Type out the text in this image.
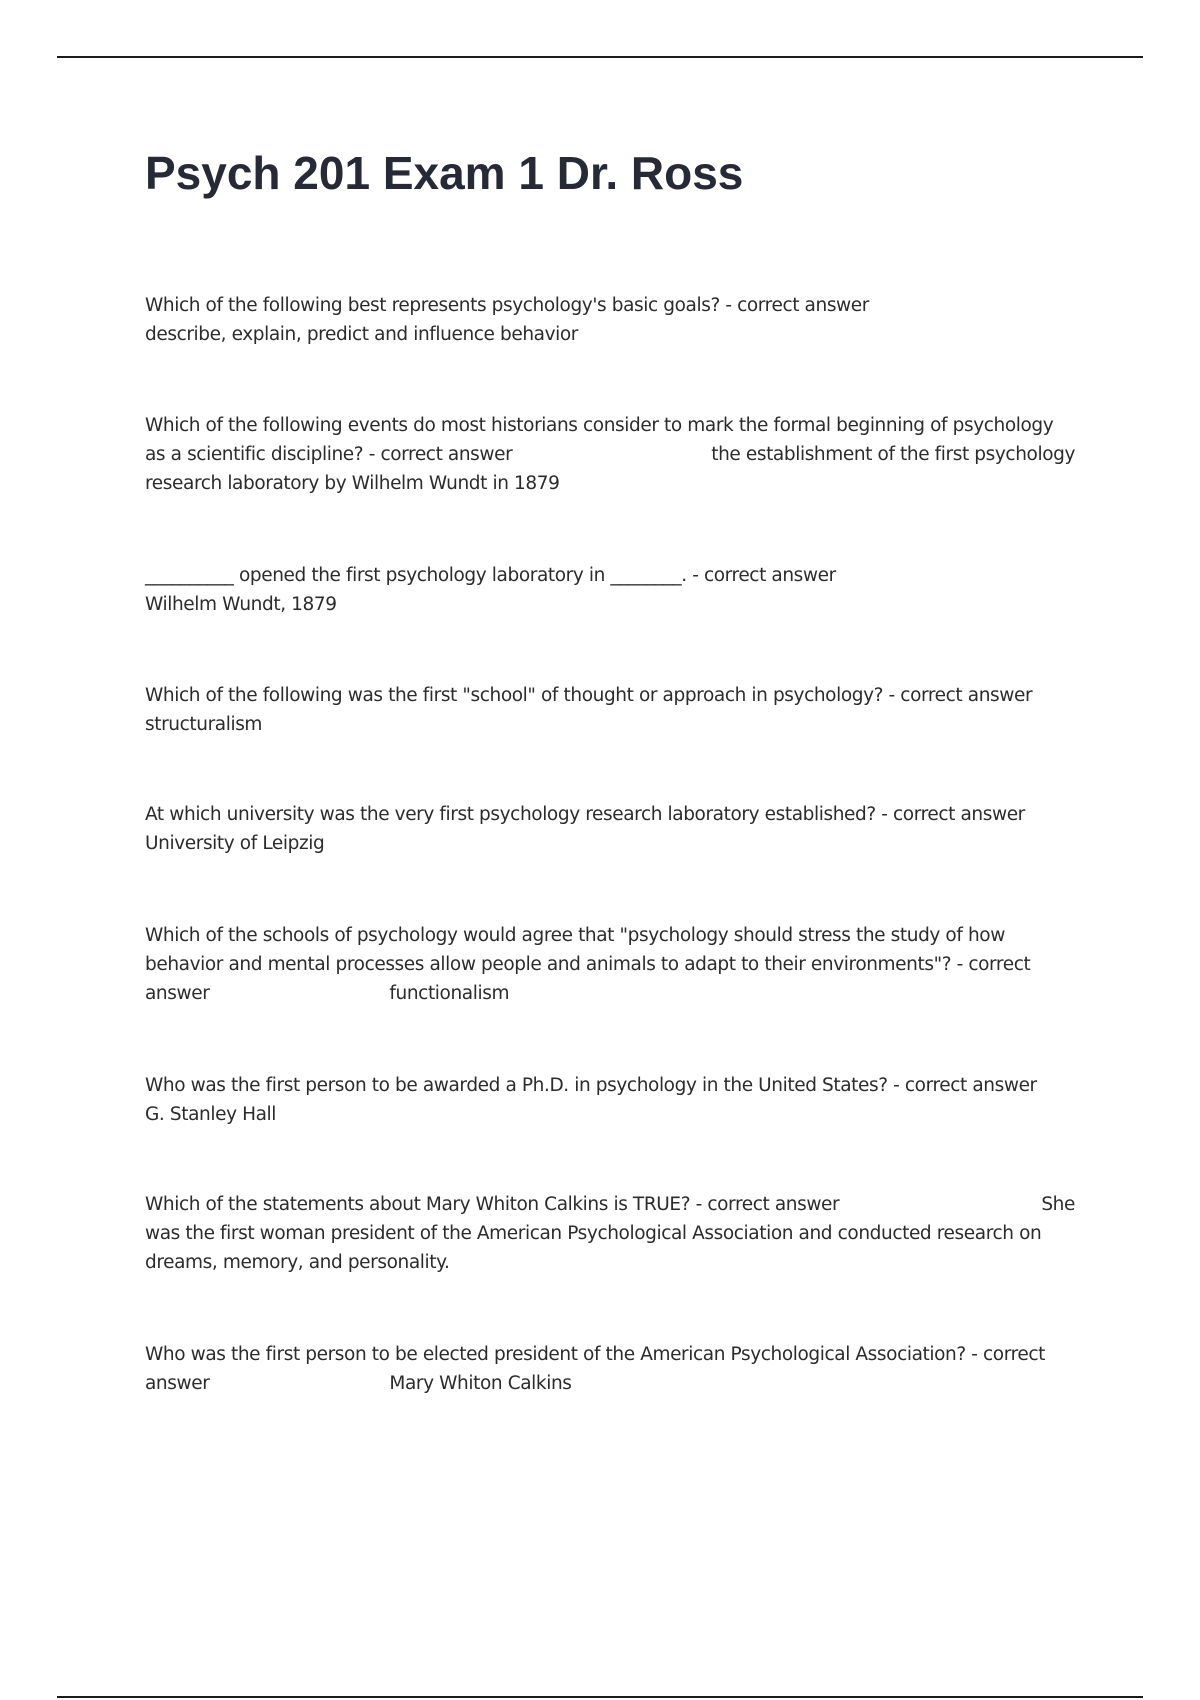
Psych 201 Exam 1 Dr. Ross
Which of the following best represents psychology's basic goals? - correct answer
describe, explain, predict and influence behavior
Which of the following events do most historians consider to mark the formal beginning of psychology
as a scientific discipline? - correct answer	the establishment of the first psychology
research laboratory by Wilhelm Wundt in 1879
__________ opened the first psychology laboratory in ________. - correct answer
Wilhelm Wundt, 1879
Which of the following was the first "school" of thought or approach in psychology? - correct answer
structuralism
At which university was the very first psychology research laboratory established? - correct answer
University of Leipzig
Which of the schools of psychology would agree that "psychology should stress the study of how
behavior and mental processes allow people and animals to adapt to their environments"? - correct
answer	functionalism
Who was the first person to be awarded a Ph.D. in psychology in the United States? - correct answer
G. Stanley Hall
Which of the statements about Mary Whiton Calkins is TRUE? - correct answer	She
was the first woman president of the American Psychological Association and conducted research on
dreams, memory, and personality.
Who was the first person to be elected president of the American Psychological Association? - correct
answer	Mary Whiton Calkins
